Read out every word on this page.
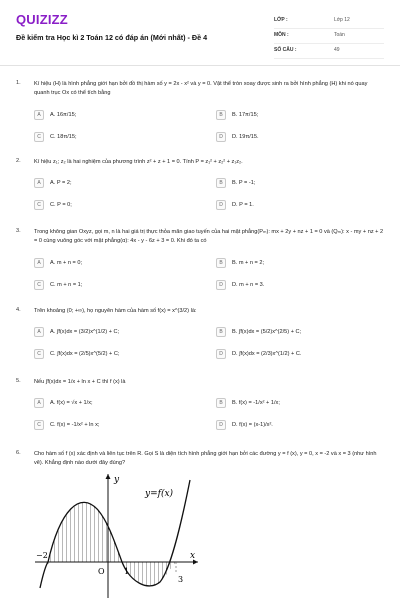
QUIZIZZ
Đề kiểm tra Học kì 2 Toán 12 có đáp án (Mới nhất) - Đề 4
LỚP :	Lớp 12
MÔN :	Toán
SỐ CÂU :	49
1. Kí hiệu (H) là hình phẳng giới hạn bởi đồ thị hàm số y = 2x - x² và y = 0. Vật thể tròn xoay được sinh ra bởi hình phẳng (H) khi nó quay quanh trục Ox có thể tích bằng
A	A. 16π/15;	B	B. 17π/15;
C	C. 18π/15;	D	D. 19π/15.
2. Kí hiệu z₁; z₂ là hai nghiệm của phương trình z² + z + 1 = 0. Tính P = z₁² + z₂² + z₁z₂.
A	A. P = 2;	B	B. P = -1;
C	C. P = 0;	D	D. P = 1.
3. Trong không gian Oxyz, gọi m, n là hai giá trị thực thỏa mãn giao tuyến của hai mặt phẳng(Pₘ): mx + 2y + nz + 1 = 0 và (Qₘ): x - my + nz + 2 = 0 cùng vuông góc với mặt phẳng(α): 4x - y - 6z + 3 = 0. Khi đó ta có
A	A. m + n = 0;	B	B. m + n = 2;
C	C. m + n = 1;	D	D. m + n = 3.
4. Trên khoảng (0; +∞), họ nguyên hàm của hàm số f(x) = x^(3/2) là:
A	A. ∫f(x)dx = (3/2)x^(1/2) + C;	B	B. ∫f(x)dx = (5/2)x^(2/5) + C;
C	C. ∫f(x)dx = (2/5)x^(5/2) + C;	D	D. ∫f(x)dx = (2/3)x^(1/2) + C.
5. Nếu ∫f(x)dx = 1/x + ln x + C thì f (x) là
A	A. f(x) = √x + 1/x;	B	B. f(x) = -1/x² + 1/x;
C	C. f(x) = -1/x² + ln x;	D	D. f(x) = (x-1)/x².
6. Cho hàm số f (x) xác định và liên tục trên R. Gọi S là diện tích hình phẳng giới hạn bởi các đường y = f (x), y = 0, x = -2 và x = 3 (như hình vẽ). Khẳng định nào dưới đây đúng?
y
x
y=f(x)
−2
O 1
3
